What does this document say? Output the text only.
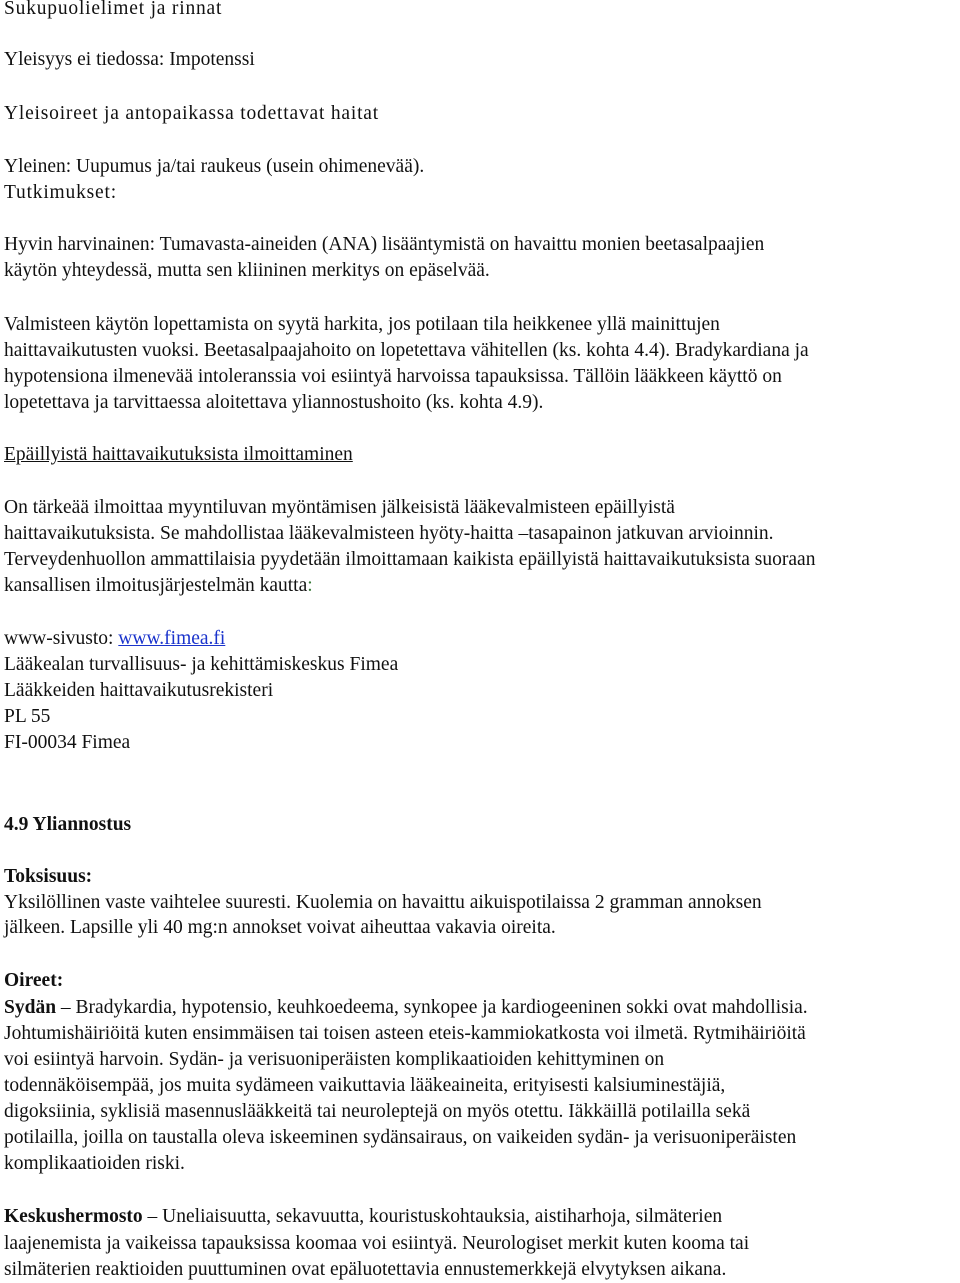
Sukupuolielimet ja rinnat
Yleisyys ei tiedossa: Impotenssi
Yleisoireet ja antopaikassa todettavat haitat
Yleinen: Uupumus ja/tai raukeus (usein ohimenevää).
Tutkimukset:
Hyvin harvinainen: Tumavasta-aineiden (ANA) lisääntymistä on havaittu monien beetasalpaajien
käytön yhteydessä, mutta sen kliininen merkitys on epäselvää.
Valmisteen käytön lopettamista on syytä harkita, jos potilaan tila heikkenee yllä mainittujen
haittavaikutusten vuoksi. Beetasalpaajahoito on lopetettava vähitellen (ks. kohta 4.4). Bradykardiana ja
hypotensiona ilmenevää intoleranssia voi esiintyä harvoissa tapauksissa. Tällöin lääkkeen käyttö on
lopetettava ja tarvittaessa aloitettava yliannostushoito (ks. kohta 4.9).
Epäillyistä haittavaikutuksista ilmoittaminen
On tärkeää ilmoittaa myyntiluvan myöntämisen jälkeisistä lääkevalmisteen epäillyistä
haittavaikutuksista. Se mahdollistaa lääkevalmisteen hyöty-haitta –tasapainon jatkuvan arvioinnin.
Terveydenhuollon ammattilaisia pyydetään ilmoittamaan kaikista epäillyistä haittavaikutuksista suoraan
kansallisen ilmoitusjärjestelmän kautta:
www-sivusto: www.fimea.fi
Lääkealan turvallisuus- ja kehittämiskeskus Fimea
Lääkkeiden haittavaikutusrekisteri
PL 55
FI-00034 Fimea
4.9 Yliannostus
Toksisuus:
Yksilöllinen vaste vaihtelee suuresti. Kuolemia on havaittu aikuispotilaissa 2 gramman annoksen
jälkeen. Lapsille yli 40 mg:n annokset voivat aiheuttaa vakavia oireita.
Oireet:
Sydän – Bradykardia, hypotensio, keuhkoedeema, synkopee ja kardiogeeninen sokki ovat mahdollisia.
Johtumishäiriöitä kuten ensimmäisen tai toisen asteen eteis-kammiokatkosta voi ilmetä. Rytmihäiriöitä
voi esiintyä harvoin. Sydän- ja verisuoniperäisten komplikaatioiden kehittyminen on
todennäköisempää, jos muita sydämeen vaikuttavia lääkeaineita, erityisesti kalsiuminestäjiä,
digoksiinia, syklisiä masennuslääkkeitä tai neuroleptejä on myös otettu. Iäkkäillä potilailla sekä
potilailla, joilla on taustalla oleva iskeeminen sydänsairaus, on vaikeiden sydän- ja verisuoniperäisten
komplikaatioiden riski.
Keskushermosto – Uneliaisuutta, sekavuutta, kouristuskohtauksia, aistiharhoja, silmäterien
laajenemista ja vaikeissa tapauksissa koomaa voi esiintyä. Neurologiset merkit kuten kooma tai
silmäterien reaktioiden puuttuminen ovat epäluotettavia ennustemerkkejä elvytyksen aikana.
